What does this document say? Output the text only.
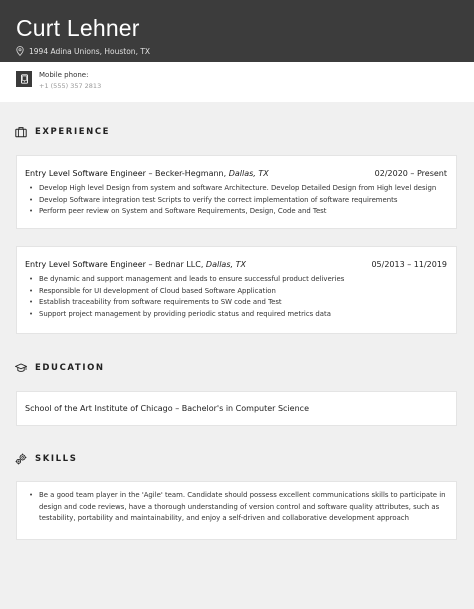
Curt Lehner
1994 Adina Unions, Houston, TX
Mobile phone:
+1 (555) 357 2813
EXPERIENCE
Entry Level Software Engineer – Becker-Hegmann, Dallas, TX	02/2020 – Present
• Develop High level Design from system and software Architecture. Develop Detailed Design from High level design
• Develop Software integration test Scripts to verify the correct implementation of software requirements
• Perform peer review on System and Software Requirements, Design, Code and Test
Entry Level Software Engineer – Bednar LLC, Dallas, TX	05/2013 – 11/2019
• Be dynamic and support management and leads to ensure successful product deliveries
• Responsible for UI development of Cloud based Software Application
• Establish traceability from software requirements to SW code and Test
• Support project management by providing periodic status and required metrics data
EDUCATION
School of the Art Institute of Chicago – Bachelor's in Computer Science
SKILLS
• Be a good team player in the 'Agile' team. Candidate should possess excellent communications skills to participate in design and code reviews, have a thorough understanding of version control and software quality attributes, such as testability, portability and maintainability, and enjoy a self-driven and collaborative development approach
